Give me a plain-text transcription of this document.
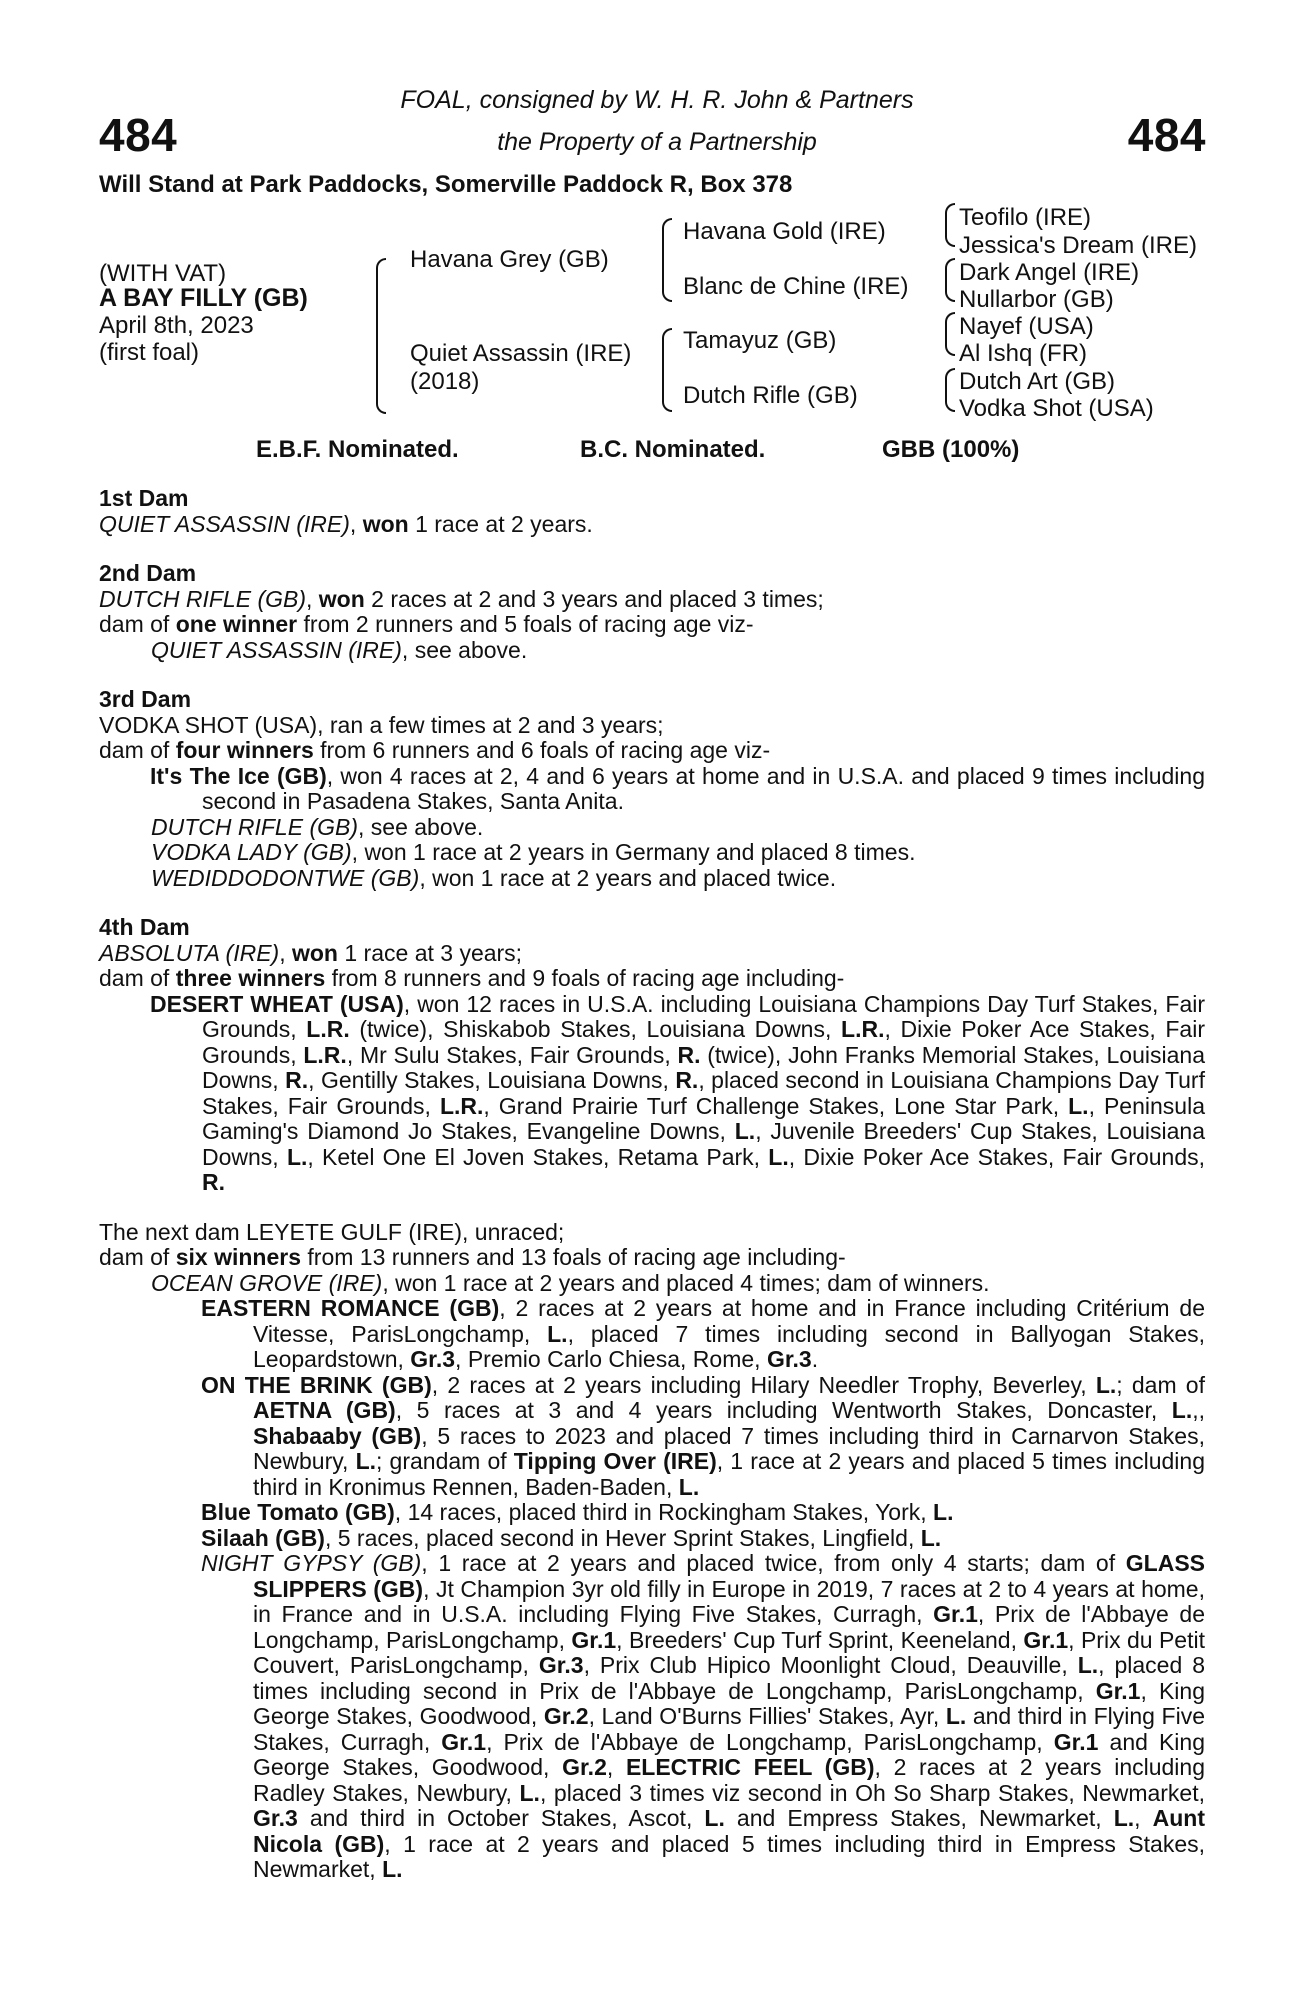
484	484
FOAL, consigned by W. H. R. John & Partners
the Property of a Partnership
Will Stand at Park Paddocks, Somerville Paddock R, Box 378
(WITH VAT)
A BAY FILLY (GB)
April 8th, 2023
(first foal)
Havana Grey (GB)
Quiet Assassin (IRE)
(2018)
Havana Gold (IRE)
Blanc de Chine (IRE)
Tamayuz (GB)
Dutch Rifle (GB)
Teofilo (IRE)
Jessica's Dream (IRE)
Dark Angel (IRE)
Nullarbor (GB)
Nayef (USA)
Al Ishq (FR)
Dutch Art (GB)
Vodka Shot (USA)
E.B.F. Nominated.	B.C. Nominated.	GBB (100%)
1st Dam
QUIET ASSASSIN (IRE), won 1 race at 2 years.
2nd Dam
DUTCH RIFLE (GB), won 2 races at 2 and 3 years and placed 3 times;
dam of one winner from 2 runners and 5 foals of racing age viz-
QUIET ASSASSIN (IRE), see above.
3rd Dam
VODKA SHOT (USA), ran a few times at 2 and 3 years;
dam of four winners from 6 runners and 6 foals of racing age viz-
It's The Ice (GB), won 4 races at 2, 4 and 6 years at home and in U.S.A. and placed 9 times including second in Pasadena Stakes, Santa Anita.
DUTCH RIFLE (GB), see above.
VODKA LADY (GB), won 1 race at 2 years in Germany and placed 8 times.
WEDIDDODONTWE (GB), won 1 race at 2 years and placed twice.
4th Dam
ABSOLUTA (IRE), won 1 race at 3 years;
dam of three winners from 8 runners and 9 foals of racing age including-
DESERT WHEAT (USA), won 12 races in U.S.A. including Louisiana Champions Day Turf Stakes, Fair Grounds, L.R. (twice), Shiskabob Stakes, Louisiana Downs, L.R., Dixie Poker Ace Stakes, Fair Grounds, L.R., Mr Sulu Stakes, Fair Grounds, R. (twice), John Franks Memorial Stakes, Louisiana Downs, R., Gentilly Stakes, Louisiana Downs, R., placed second in Louisiana Champions Day Turf Stakes, Fair Grounds, L.R., Grand Prairie Turf Challenge Stakes, Lone Star Park, L., Peninsula Gaming's Diamond Jo Stakes, Evangeline Downs, L., Juvenile Breeders' Cup Stakes, Louisiana Downs, L., Ketel One El Joven Stakes, Retama Park, L., Dixie Poker Ace Stakes, Fair Grounds, R.
The next dam LEYETE GULF (IRE), unraced;
dam of six winners from 13 runners and 13 foals of racing age including-
OCEAN GROVE (IRE), won 1 race at 2 years and placed 4 times; dam of winners.
EASTERN ROMANCE (GB), 2 races at 2 years at home and in France including Critérium de Vitesse, ParisLongchamp, L., placed 7 times including second in Ballyogan Stakes, Leopardstown, Gr.3, Premio Carlo Chiesa, Rome, Gr.3.
ON THE BRINK (GB), 2 races at 2 years including Hilary Needler Trophy, Beverley, L.; dam of AETNA (GB), 5 races at 3 and 4 years including Wentworth Stakes, Doncaster, L.,, Shabaaby (GB), 5 races to 2023 and placed 7 times including third in Carnarvon Stakes, Newbury, L.; grandam of Tipping Over (IRE), 1 race at 2 years and placed 5 times including third in Kronimus Rennen, Baden-Baden, L.
Blue Tomato (GB), 14 races, placed third in Rockingham Stakes, York, L.
Silaah (GB), 5 races, placed second in Hever Sprint Stakes, Lingfield, L.
NIGHT GYPSY (GB), 1 race at 2 years and placed twice, from only 4 starts; dam of GLASS SLIPPERS (GB), Jt Champion 3yr old filly in Europe in 2019, 7 races at 2 to 4 years at home, in France and in U.S.A. including Flying Five Stakes, Curragh, Gr.1, Prix de l'Abbaye de Longchamp, ParisLongchamp, Gr.1, Breeders' Cup Turf Sprint, Keeneland, Gr.1, Prix du Petit Couvert, ParisLongchamp, Gr.3, Prix Club Hipico Moonlight Cloud, Deauville, L., placed 8 times including second in Prix de l'Abbaye de Longchamp, ParisLongchamp, Gr.1, King George Stakes, Goodwood, Gr.2, Land O'Burns Fillies' Stakes, Ayr, L. and third in Flying Five Stakes, Curragh, Gr.1, Prix de l'Abbaye de Longchamp, ParisLongchamp, Gr.1 and King George Stakes, Goodwood, Gr.2, ELECTRIC FEEL (GB), 2 races at 2 years including Radley Stakes, Newbury, L., placed 3 times viz second in Oh So Sharp Stakes, Newmarket, Gr.3 and third in October Stakes, Ascot, L. and Empress Stakes, Newmarket, L., Aunt Nicola (GB), 1 race at 2 years and placed 5 times including third in Empress Stakes, Newmarket, L.
